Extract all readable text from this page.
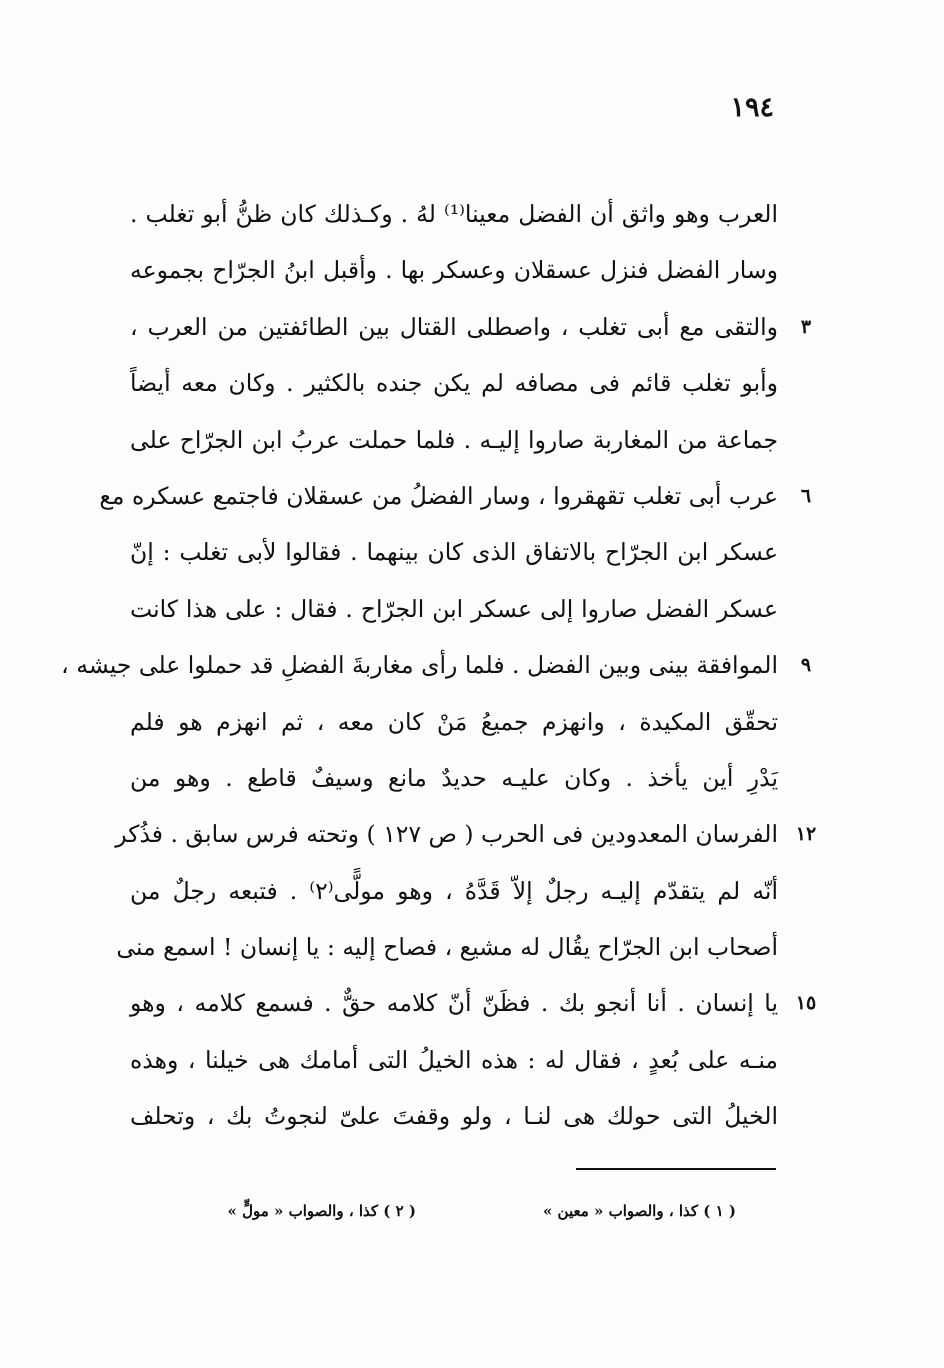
١٩٤
العرب وهو واثق أن الفضل معينا⁽¹⁾ لهُ . وكـذلك كان ظنُّ أبو تغلب .
وسار الفضل فنزل عسقلان وعسكر بها . وأقبل ابنُ الجرّاح بجموعه
٣
والتقى مع أبى تغلب ، واصطلى القتال بين الطائفتين من العرب ،
وأبو تغلب قائم فى مصافه لم يكن جنده بالكثير . وكان معه أيضاً
جماعة من المغاربة صاروا إليـه . فلما حملت عربُ ابن الجرّاح على
٦
عرب أبى تغلب تقهقروا ، وسار الفضلُ من عسقلان فاجتمع عسكره مع
عسكر ابن الجرّاح بالاتفاق الذى كان بينهما . فقالوا لأبى تغلب : إنّ
عسكر الفضل صاروا إلى عسكر ابن الجرّاح . فقال : على هذا كانت
٩
الموافقة بينى وبين الفضل . فلما رأى مغاربةَ الفضلِ قد حملوا على جيشه ،
تحقّق المكيدة ، وانهزم جميعُ مَنْ كان معه ، ثم انهزم هو فلم
يَدْرِ أين يأخذ . وكان عليـه حديدٌ مانع وسيفٌ قاطع . وهو من
١٢
الفرسان المعدودين فى الحرب ( ص ١٢٧ ) وتحته فرس سابق . فذُكر
أنّه لم يتقدّم إليـه رجلٌ إلاّ قَدَّهُ ، وهو مولًّى⁽٢⁾ . فتبعه رجلٌ من
أصحاب ابن الجرّاح يقُال له مشيع ، فصاح إليه : يا إنسان ! اسمع منى
١٥
يا إنسان . أنا أنجو بك . فظَنّ أنّ كلامه حقٌّ . فسمع كلامه ، وهو
منـه على بُعدٍ ، فقال له : هذه الخيلُ التى أمامك هى خيلنا ، وهذه
الخيلُ التى حولك هى لنـا ، ولو وقفتَ علىّ لنجوتُ بك ، وتحلف
( ١ ) كذا ، والصواب « معين »
( ٢ ) كذا ، والصواب « مولٍّ »
